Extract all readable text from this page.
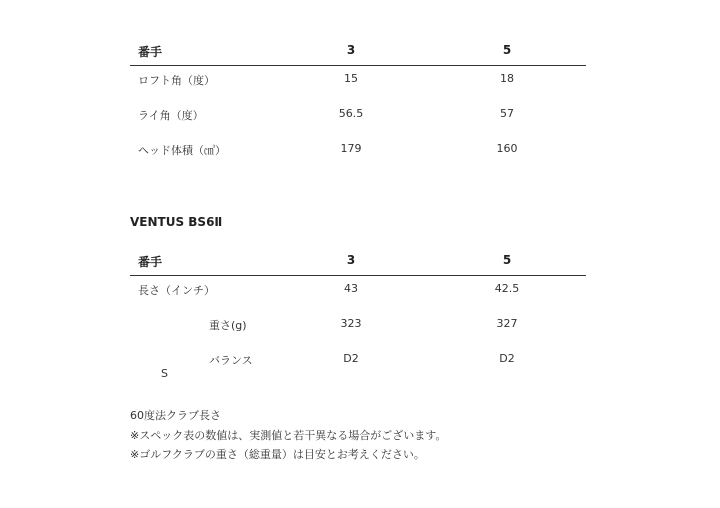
番手	3	5
ロフト角（度）	15	18
ライ角（度）	56.5	57
ヘッド体積（㎤）	179	160
VENTUS BS6Ⅱ
番手	3	5
長さ（インチ）	43	42.5
S
重さ(g)	323	327
バランス	D2	D2
60度法クラブ長さ
※スペック表の数値は、実測値と若干異なる場合がございます。
※ゴルフクラブの重さ（総重量）は目安とお考えください。
